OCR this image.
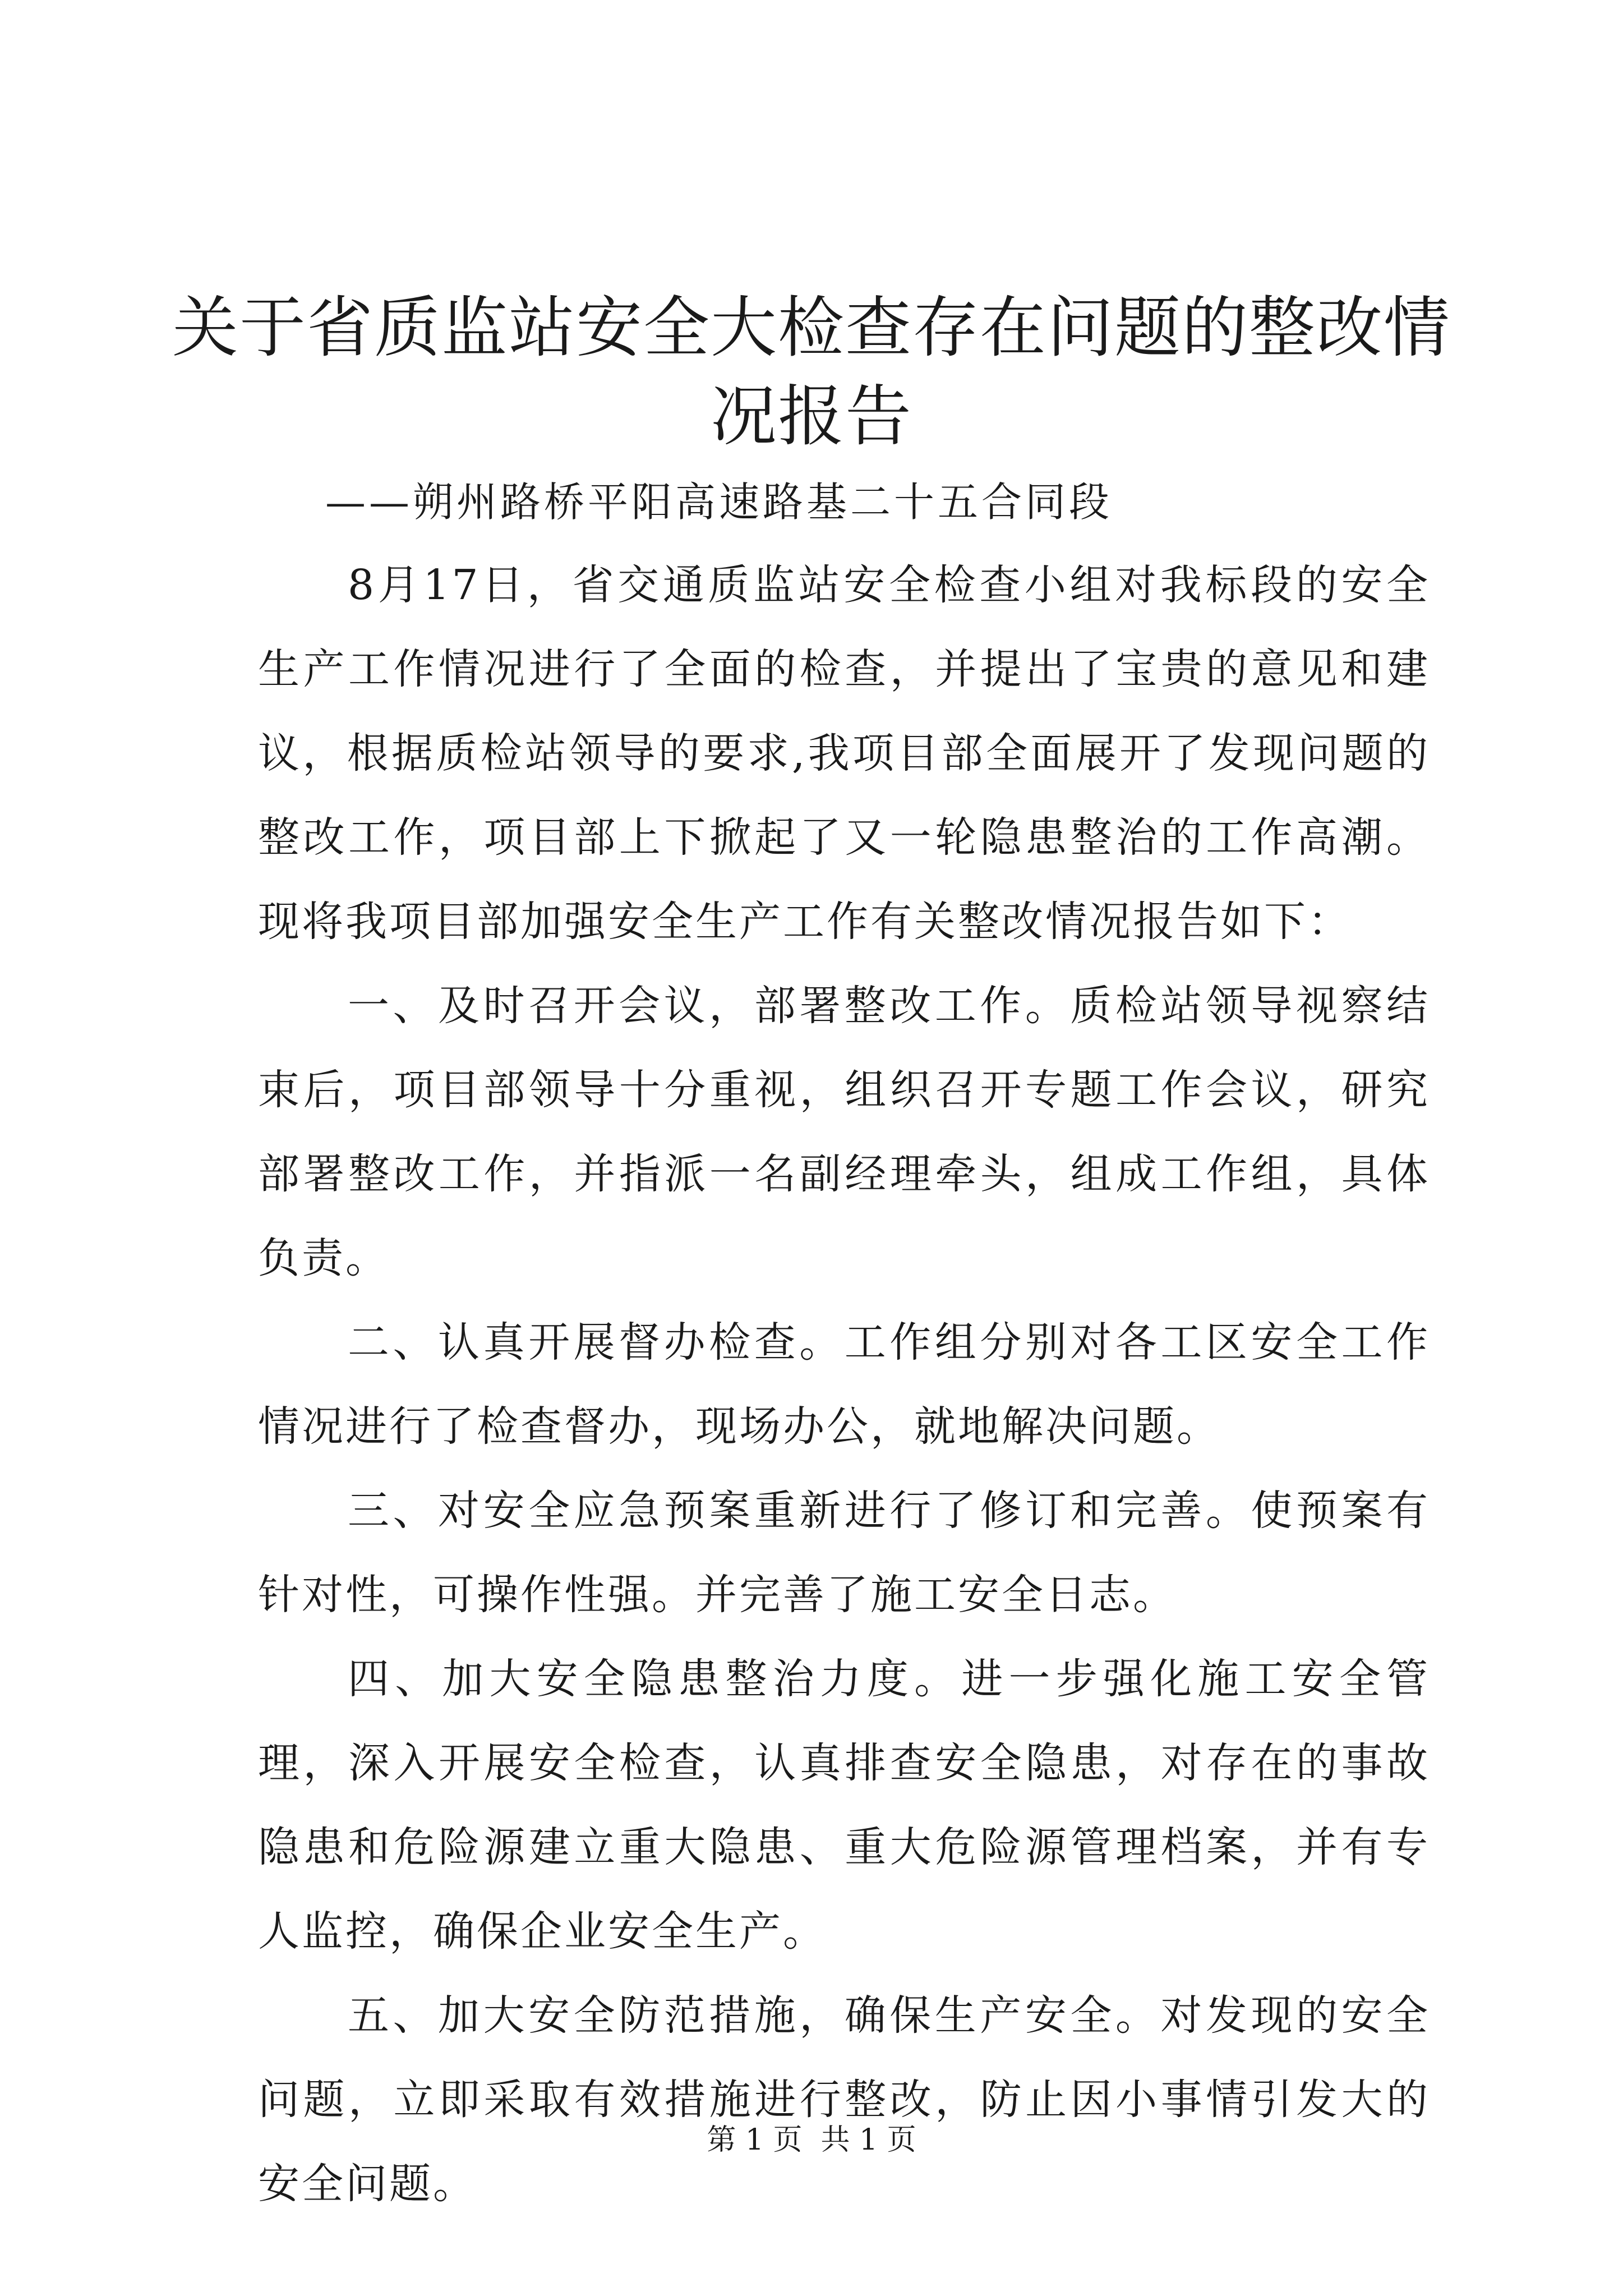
关于省质监站安全大检查存在问题的整改情况报告
——朔州路桥平阳高速路基二十五合同段

8月17日，省交通质监站安全检查小组对我标段的安全生产工作情况进行了全面的检查，并提出了宝贵的意见和建议，根据质检站领导的要求,我项目部全面展开了发现问题的整改工作，项目部上下掀起了又一轮隐患整治的工作高潮。现将我项目部加强安全生产工作有关整改情况报告如下：

一、及时召开会议，部署整改工作。质检站领导视察结束后，项目部领导十分重视，组织召开专题工作会议，研究部署整改工作，并指派一名副经理牵头，组成工作组，具体负责。

二、认真开展督办检查。工作组分别对各工区安全工作情况进行了检查督办，现场办公，就地解决问题。

三、对安全应急预案重新进行了修订和完善。使预案有针对性，可操作性强。并完善了施工安全日志。

四、加大安全隐患整治力度。进一步强化施工安全管理，深入开展安全检查，认真排查安全隐患，对存在的事故隐患和危险源建立重大隐患、重大危险源管理档案，并有专人监控，确保企业安全生产。

五、加大安全防范措施，确保生产安全。对发现的安全问题，立即采取有效措施进行整改，防止因小事情引发大的安全问题。

第 1 页  共 1 页
